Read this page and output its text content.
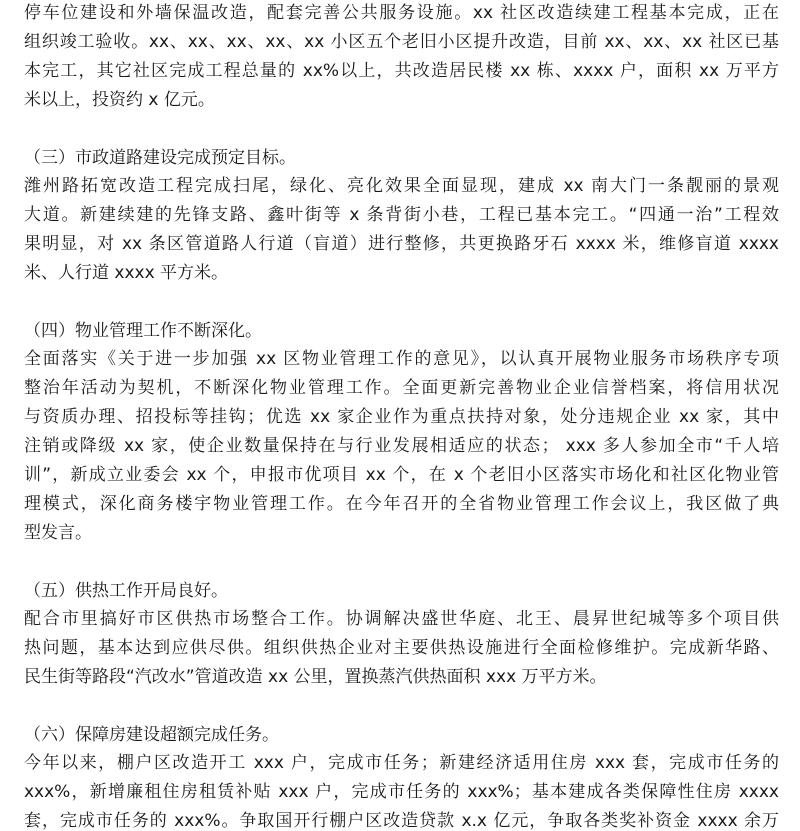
停车位建设和外墙保温改造，配套完善公共服务设施。xx 社区改造续建工程基本完成，正在
组织竣工验收。xx、xx、xx、xx、xx 小区五个老旧小区提升改造，目前 xx、xx、xx 社区已基
本完工，其它社区完成工程总量的 xx%以上，共改造居民楼 xx 栋、xxxx 户，面积 xx 万平方
米以上，投资约 x 亿元。
（三）市政道路建设完成预定目标。
潍州路拓宽改造工程完成扫尾，绿化、亮化效果全面显现，建成 xx 南大门一条靓丽的景观
大道。新建续建的先锋支路、鑫叶街等 x 条背街小巷，工程已基本完工。“四通一治”工程效
果明显，对 xx 条区管道路人行道（盲道）进行整修，共更换路牙石 xxxx 米，维修盲道 xxxx
米、人行道 xxxx 平方米。
（四）物业管理工作不断深化。
全面落实《关于进一步加强 xx 区物业管理工作的意见》，以认真开展物业服务市场秩序专项
整治年活动为契机，不断深化物业管理工作。全面更新完善物业企业信誉档案，将信用状况
与资质办理、招投标等挂钩；优选 xx 家企业作为重点扶持对象，处分违规企业 xx 家，其中
注销或降级 xx 家，使企业数量保持在与行业发展相适应的状态； xxx 多人参加全市“千人培
训”，新成立业委会 xx 个，申报市优项目 xx 个，在 x 个老旧小区落实市场化和社区化物业管
理模式，深化商务楼宇物业管理工作。在今年召开的全省物业管理工作会议上，我区做了典
型发言。
（五）供热工作开局良好。
配合市里搞好市区供热市场整合工作。协调解决盛世华庭、北王、晨昇世纪城等多个项目供
热问题，基本达到应供尽供。组织供热企业对主要供热设施进行全面检修维护。完成新华路、
民生街等路段“汽改水”管道改造 xx 公里，置换蒸汽供热面积 xxx 万平方米。
（六）保障房建设超额完成任务。
今年以来，棚户区改造开工 xxx 户，完成市任务；新建经济适用住房 xxx 套，完成市任务的
xxx%，新增廉租住房租赁补贴 xxx 户，完成市任务的 xxx%；基本建成各类保障性住房 xxxx
套，完成市任务的 xxx%。争取国开行棚户区改造贷款 x.x 亿元，争取各类奖补资金 xxxx 余万
